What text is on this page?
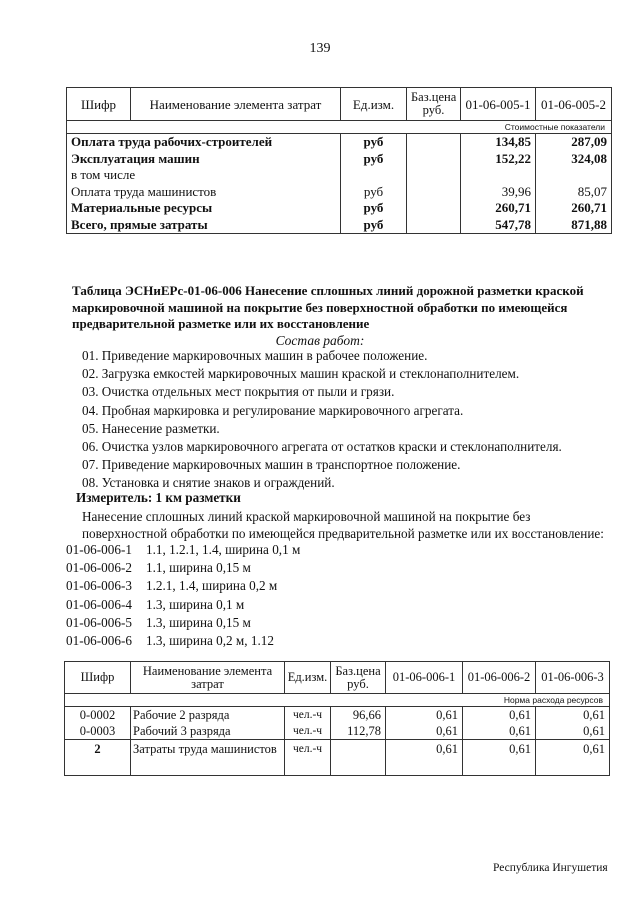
139
Шифр	Наименование элемента затрат	Ед.изм.	Баз.цена руб.	01-06-005-1	01-06-005-2
Стоимостные показатели					
Оплата труда рабочих-строителей		руб		134,85	287,09
Эксплуатация машин		руб		152,22	324,08
в том числе					
Оплата труда машинистов		руб		39,96	85,07
Материальные ресурсы		руб		260,71	260,71
Всего, прямые затраты		руб		547,78	871,88
Таблица ЭСНиЕРс-01-06-006 Нанесение сплошных линий дорожной разметки краской маркировочной машиной на покрытие без поверхностной обработки по имеющейся предварительной разметке или их восстановление
Состав работ:
01. Приведение маркировочных машин в рабочее положение.
02. Загрузка емкостей маркировочных машин краской и стеклонаполнителем.
03. Очистка отдельных мест покрытия от пыли и грязи.
04. Пробная маркировка и регулирование маркировочного агрегата.
05. Нанесение разметки.
06. Очистка узлов маркировочного агрегата от остатков краски и стеклонаполнителя.
07. Приведение маркировочных машин в транспортное положение.
08. Установка и снятие знаков и ограждений.
Измеритель: 1 км разметки
Нанесение сплошных линий краской маркировочной машиной на покрытие без поверхностной обработки по имеющейся предварительной разметке или их восстановление:
01-06-006-1 1.1, 1.2.1, 1.4, ширина 0,1 м
01-06-006-2 1.1, ширина 0,15 м
01-06-006-3 1.2.1, 1.4, ширина 0,2 м
01-06-006-4 1.3, ширина 0,1 м
01-06-006-5 1.3, ширина 0,15 м
01-06-006-6 1.3, ширина 0,2 м, 1.12
Шифр	Наименование элемента затрат	Ед.изм.	Баз.цена руб.	01-06-006-1	01-06-006-2	01-06-006-3
Норма расхода ресурсов						
0-0002	Рабочие 2 разряда	чел.-ч	96,66	0,61	0,61	0,61
0-0003	Рабочий 3 разряда	чел.-ч	112,78	0,61	0,61	0,61
2	Затраты труда машинистов	чел.-ч		0,61	0,61	0,61
Республика Ингушетия
